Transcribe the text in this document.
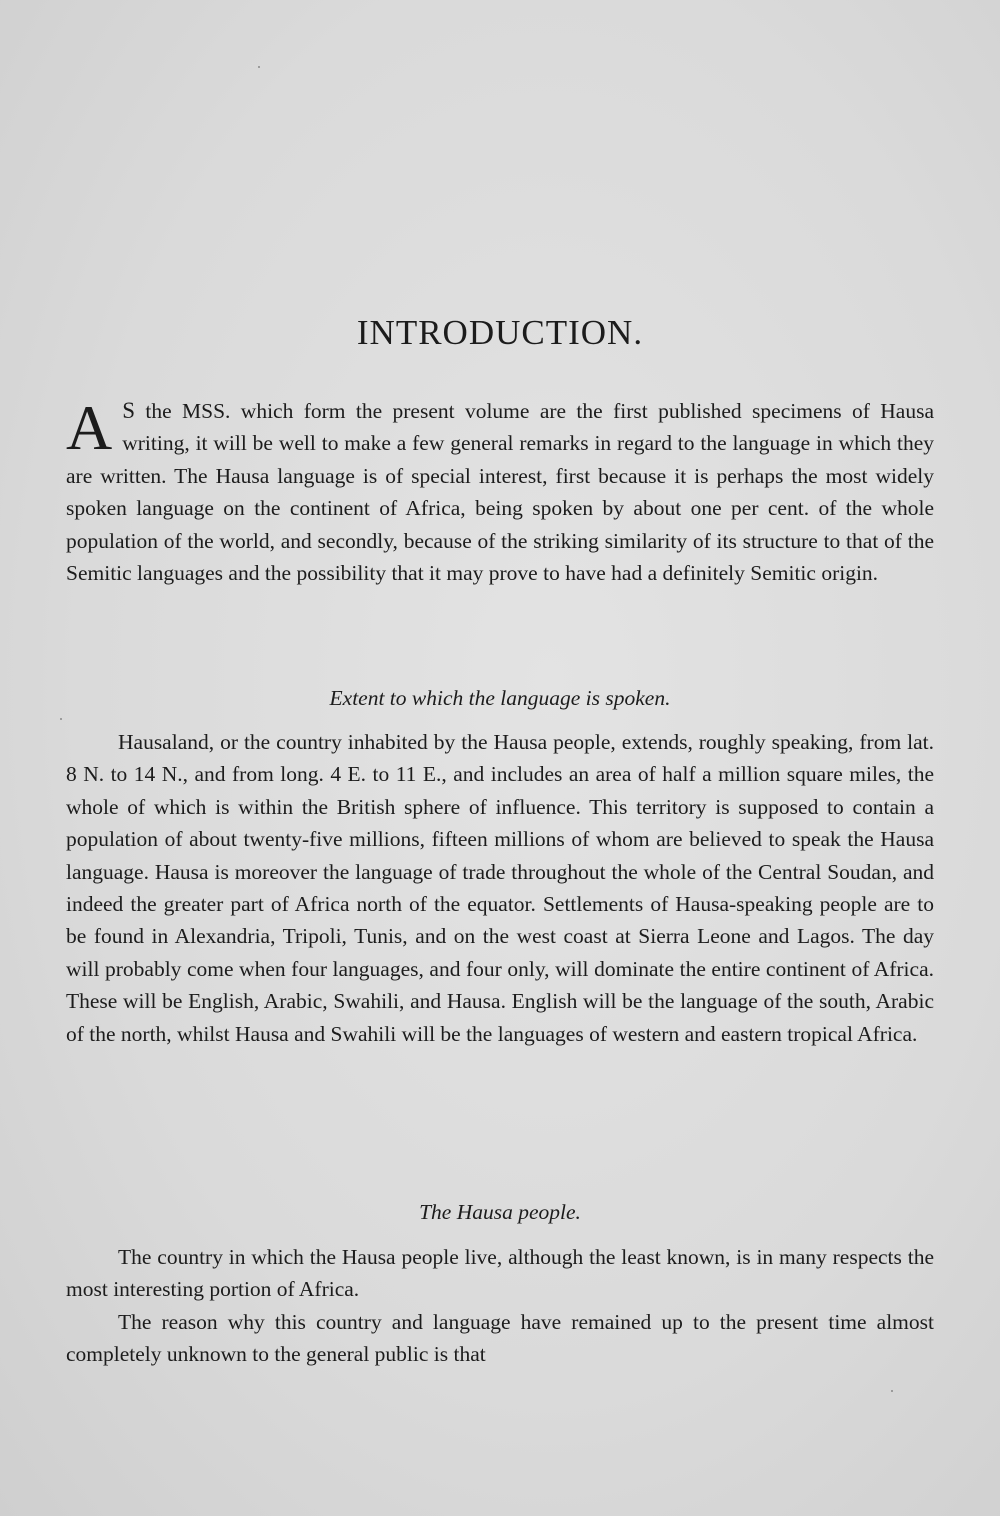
INTRODUCTION.

A S the MSS. which form the present volume are the first published specimens of Hausa writing, it will be well to make a few general remarks in regard to the language in which they are written. The Hausa language is of special interest, first because it is perhaps the most widely spoken language on the continent of Africa, being spoken by about one per cent. of the whole population of the world, and secondly, because of the striking similarity of its structure to that of the Semitic languages and the possibility that it may prove to have had a definitely Semitic origin.

Extent to which the language is spoken.

Hausaland, or the country inhabited by the Hausa people, extends, roughly speaking, from lat. 8 N. to 14 N., and from long. 4 E. to 11 E., and includes an area of half a million square miles, the whole of which is within the British sphere of influence. This territory is supposed to contain a population of about twenty-five millions, fifteen millions of whom are believed to speak the Hausa language. Hausa is moreover the language of trade throughout the whole of the Central Soudan, and indeed the greater part of Africa north of the equator. Settlements of Hausa-speaking people are to be found in Alexandria, Tripoli, Tunis, and on the west coast at Sierra Leone and Lagos. The day will probably come when four languages, and four only, will dominate the entire continent of Africa. These will be English, Arabic, Swahili, and Hausa. English will be the language of the south, Arabic of the north, whilst Hausa and Swahili will be the languages of western and eastern tropical Africa.

The Hausa people.

The country in which the Hausa people live, although the least known, is in many respects the most interesting portion of Africa.

The reason why this country and language have remained up to the present time almost completely unknown to the general public is that
